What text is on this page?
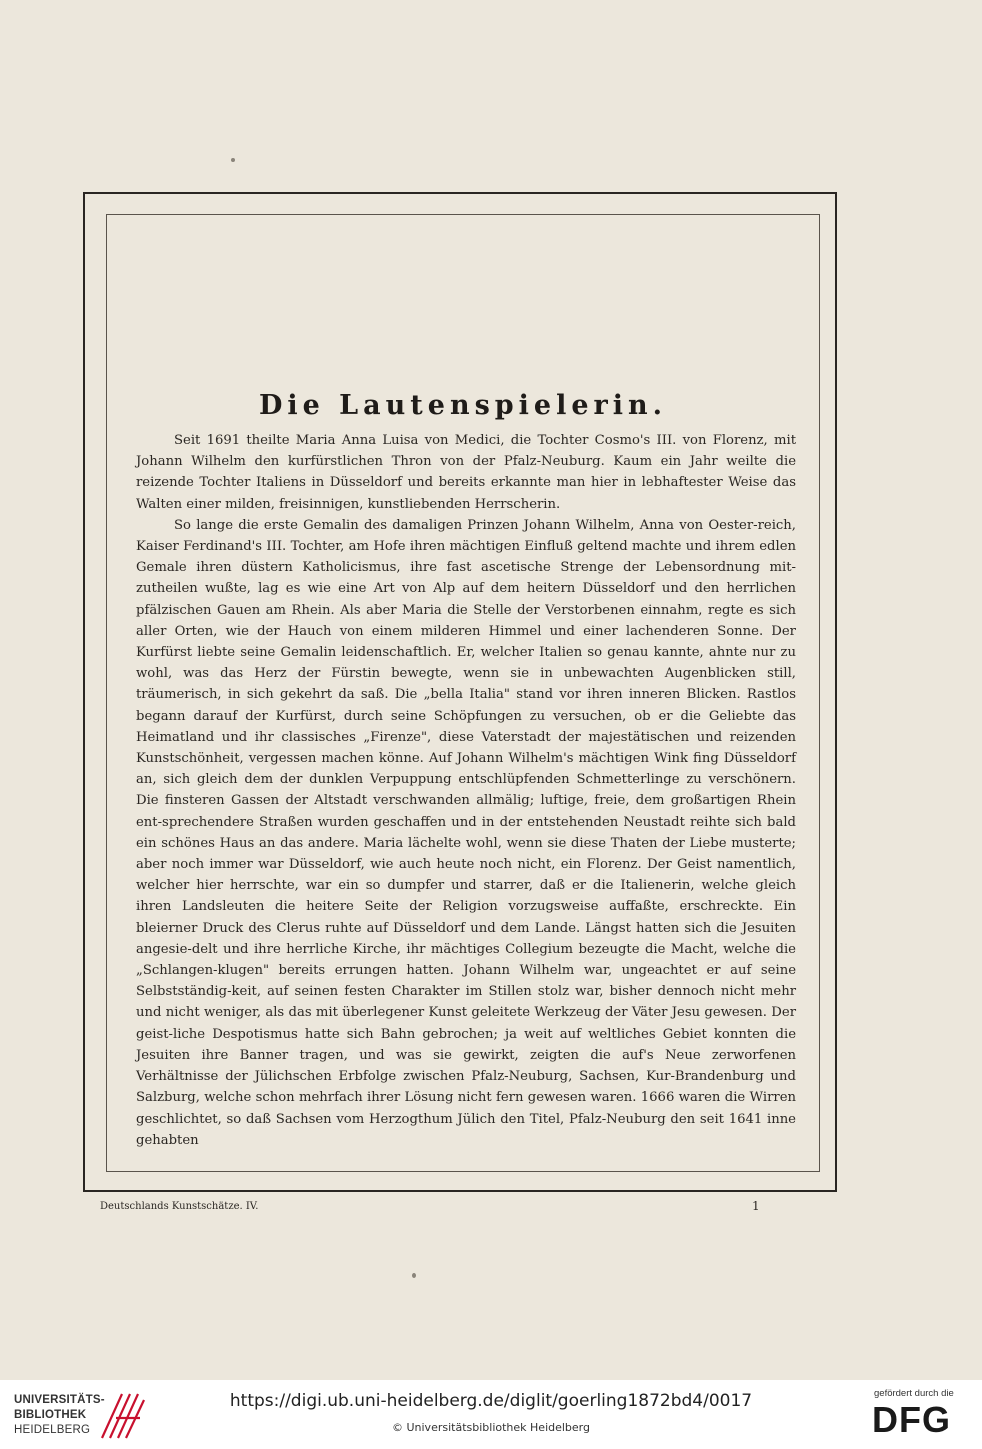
Die Lautenspielerin.

Seit 1691 theilte Maria Anna Luisa von Medici, die Tochter Cosmo's III. von Florenz, mit Johann Wilhelm den kurfürstlichen Thron von der Pfalz-Neuburg. Kaum ein Jahr weilte die reizende Tochter Italiens in Düsseldorf und bereits erkannte man hier in lebhaftester Weise das Walten einer milden, freisinnigen, kunstliebenden Herrscherin.

So lange die erste Gemalin des damaligen Prinzen Johann Wilhelm, Anna von Oester-reich, Kaiser Ferdinand's III. Tochter, am Hofe ihren mächtigen Einfluß geltend machte und ihrem edlen Gemale ihren düstern Katholicismus, ihre fast ascetische Strenge der Lebensordnung mit-zutheilen wußte, lag es wie eine Art von Alp auf dem heitern Düsseldorf und den herrlichen pfälzischen Gauen am Rhein. Als aber Maria die Stelle der Verstorbenen einnahm, regte es sich aller Orten, wie der Hauch von einem milderen Himmel und einer lachenderen Sonne. Der Kurfürst liebte seine Gemalin leidenschaftlich. Er, welcher Italien so genau kannte, ahnte nur zu wohl, was das Herz der Fürstin bewegte, wenn sie in unbewachten Augenblicken still, träumerisch, in sich gekehrt da saß. Die „bella Italia" stand vor ihren inneren Blicken. Rastlos begann darauf der Kurfürst, durch seine Schöpfungen zu versuchen, ob er die Geliebte das Heimatland und ihr classisches „Firenze", diese Vaterstadt der majestätischen und reizenden Kunstschönheit, vergessen machen könne. Auf Johann Wilhelm's mächtigen Wink fing Düsseldorf an, sich gleich dem der dunklen Verpuppung entschlüpfenden Schmetterlinge zu verschönern. Die finsteren Gassen der Altstadt verschwanden allmälig; luftige, freie, dem großartigen Rhein ent-sprechendere Straßen wurden geschaffen und in der entstehenden Neustadt reihte sich bald ein schönes Haus an das andere. Maria lächelte wohl, wenn sie diese Thaten der Liebe musterte; aber noch immer war Düsseldorf, wie auch heute noch nicht, ein Florenz. Der Geist namentlich, welcher hier herrschte, war ein so dumpfer und starrer, daß er die Italienerin, welche gleich ihren Landsleuten die heitere Seite der Religion vorzugsweise auffaßte, erschreckte. Ein bleierner Druck des Clerus ruhte auf Düsseldorf und dem Lande. Längst hatten sich die Jesuiten angesie-delt und ihre herrliche Kirche, ihr mächtiges Collegium bezeugte die Macht, welche die „Schlangen-klugen" bereits errungen hatten. Johann Wilhelm war, ungeachtet er auf seine Selbstständig-keit, auf seinen festen Charakter im Stillen stolz war, bisher dennoch nicht mehr und nicht weniger, als das mit überlegener Kunst geleitete Werkzeug der Väter Jesu gewesen. Der geist-liche Despotismus hatte sich Bahn gebrochen; ja weit auf weltliches Gebiet konnten die Jesuiten ihre Banner tragen, und was sie gewirkt, zeigten die auf's Neue zerworfenen Verhältnisse der Jülichschen Erbfolge zwischen Pfalz-Neuburg, Sachsen, Kur-Brandenburg und Salzburg, welche schon mehrfach ihrer Lösung nicht fern gewesen waren. 1666 waren die Wirren geschlichtet, so daß Sachsen vom Herzogthum Jülich den Titel, Pfalz-Neuburg den seit 1641 inne gehabten

Deutschlands Kunstschätze. IV.	1
UNIVERSITÄTS-
BIBLIOTHEK
HEIDELBERG
https://digi.ub.uni-heidelberg.de/diglit/goerling1872bd4/0017
© Universitätsbibliothek Heidelberg
gefördert durch die
DFG
